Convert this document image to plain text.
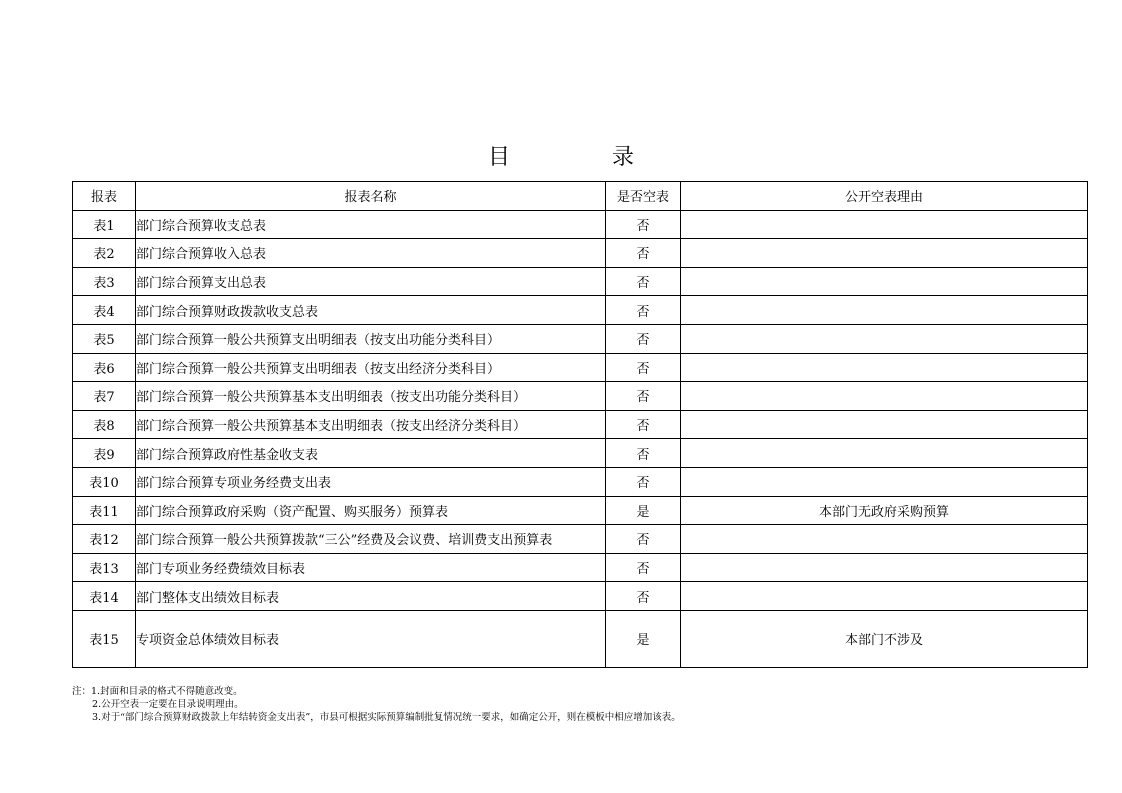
目　录
报表	报表名称	是否空表	公开空表理由
表1	部门综合预算收支总表	否	
表2	部门综合预算收入总表	否	
表3	部门综合预算支出总表	否	
表4	部门综合预算财政拨款收支总表	否	
表5	部门综合预算一般公共预算支出明细表（按支出功能分类科目）	否	
表6	部门综合预算一般公共预算支出明细表（按支出经济分类科目）	否	
表7	部门综合预算一般公共预算基本支出明细表（按支出功能分类科目）	否	
表8	部门综合预算一般公共预算基本支出明细表（按支出经济分类科目）	否	
表9	部门综合预算政府性基金收支表	否	
表10	部门综合预算专项业务经费支出表	否	
表11	部门综合预算政府采购（资产配置、购买服务）预算表	是	本部门无政府采购预算
表12	部门综合预算一般公共预算拨款“三公”经费及会议费、培训费支出预算表	否	
表13	部门专项业务经费绩效目标表	否	
表14	部门整体支出绩效目标表	否	
表15	专项资金总体绩效目标表	是	本部门不涉及
注：1.封面和目录的格式不得随意改变。
2.公开空表一定要在目录说明理由。
3.对于“部门综合预算财政拨款上年结转资金支出表”，市县可根据实际预算编制批复情况统一要求，如确定公开，则在模板中相应增加该表。
